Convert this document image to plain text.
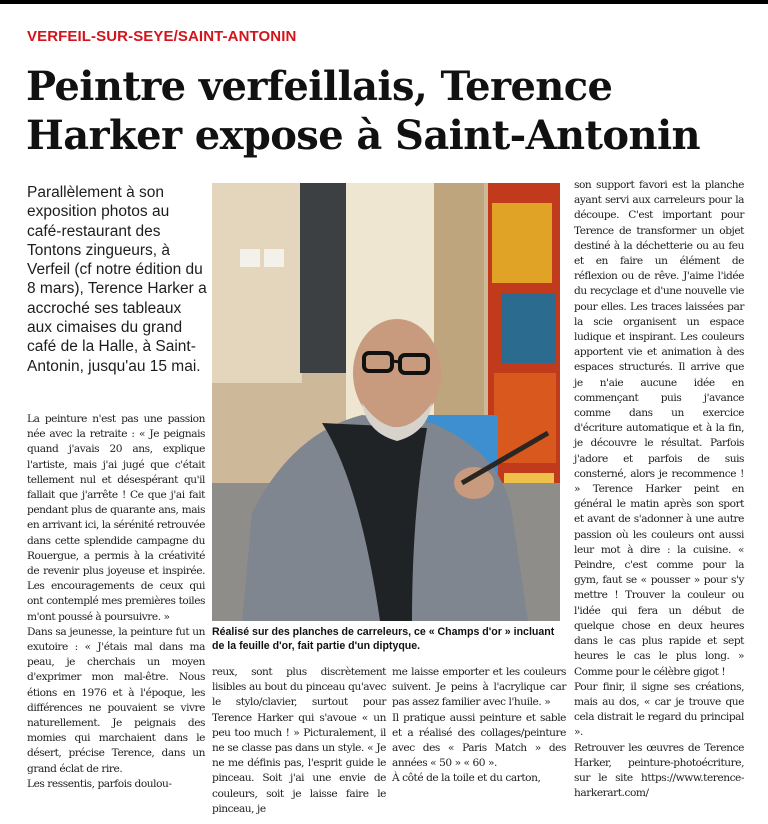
VERFEIL-SUR-SEYE/SAINT-ANTONIN
Peintre verfeillais, Terence Harker expose à Saint-Antonin
Parallèlement à son exposition photos au café-restaurant des Tontons zingueurs, à Verfeil (cf notre édition du 8 mars), Terence Harker a accroché ses tableaux aux cimaises du grand café de la Halle, à Saint-Antonin, jusqu'au 15 mai.

La peinture n'est pas une passion née avec la retraite : « Je peignais quand j'avais 20 ans, explique l'artiste, mais j'ai jugé que c'était tellement nul et désespérant qu'il fallait que j'arrête ! Ce que j'ai fait pendant plus de quarante ans, mais en arrivant ici, la sérénité retrouvée dans cette splendide campagne du Rouergue, a permis à la créativité de revenir plus joyeuse et inspirée. Les encouragements de ceux qui ont contemplé mes premières toiles m'ont poussé à poursuivre. »

Dans sa jeunesse, la peinture fut un exutoire : « J'étais mal dans ma peau, je cherchais un moyen d'exprimer mon mal-être. Nous étions en 1976 et à l'époque, les différences ne pouvaient se vivre naturellement. Je peignais des momies qui marchaient dans le désert, précise Terence, dans un grand éclat de rire.

Les ressentis, parfois doulou-

Réalisé sur des planches de carreleurs, ce « Champs d'or » incluant de la feuille d'or, fait partie d'un diptyque.

reux, sont plus discrètement lisibles au bout du pinceau qu'avec le stylo/clavier, surtout pour Terence Harker qui s'avoue « un peu too much ! » Picturalement, il ne se classe pas dans un style. « Je ne me définis pas, l'esprit guide le pinceau. Soit j'ai une envie de couleurs, soit je laisse faire le pinceau, je

me laisse emporter et les couleurs suivent. Je peins à l'acrylique car pas assez familier avec l'huile. »

Il pratique aussi peinture et sable et a réalisé des collages/peinture avec des « Paris Match » des années « 50 » « 60 ».

À côté de la toile et du carton,

son support favori est la planche ayant servi aux carreleurs pour la découpe. C'est important pour Terence de transformer un objet destiné à la déchetterie ou au feu et en faire un élément de réflexion ou de rêve. J'aime l'idée du recyclage et d'une nouvelle vie pour elles. Les traces laissées par la scie organisent un espace ludique et inspirant. Les couleurs apportent vie et animation à des espaces structurés. Il arrive que je n'aie aucune idée en commençant puis j'avance comme dans un exercice d'écriture automatique et à la fin, je découvre le résultat. Parfois j'adore et parfois de suis consterné, alors je recommence ! » Terence Harker peint en général le matin après son sport et avant de s'adonner à une autre passion où les couleurs ont aussi leur mot à dire : la cuisine. « Peindre, c'est comme pour la gym, faut se « pousser » pour s'y mettre ! Trouver la couleur ou l'idée qui fera un début de quelque chose en deux heures dans le cas plus rapide et sept heures le cas le plus long. » Comme pour le célèbre gigot !

Pour finir, il signe ses créations, mais au dos, « car je trouve que cela distrait le regard du principal ».

Retrouver les œuvres de Terence Harker, peinture-photoécriture, sur le site https://www.terence-harkerart.com/
